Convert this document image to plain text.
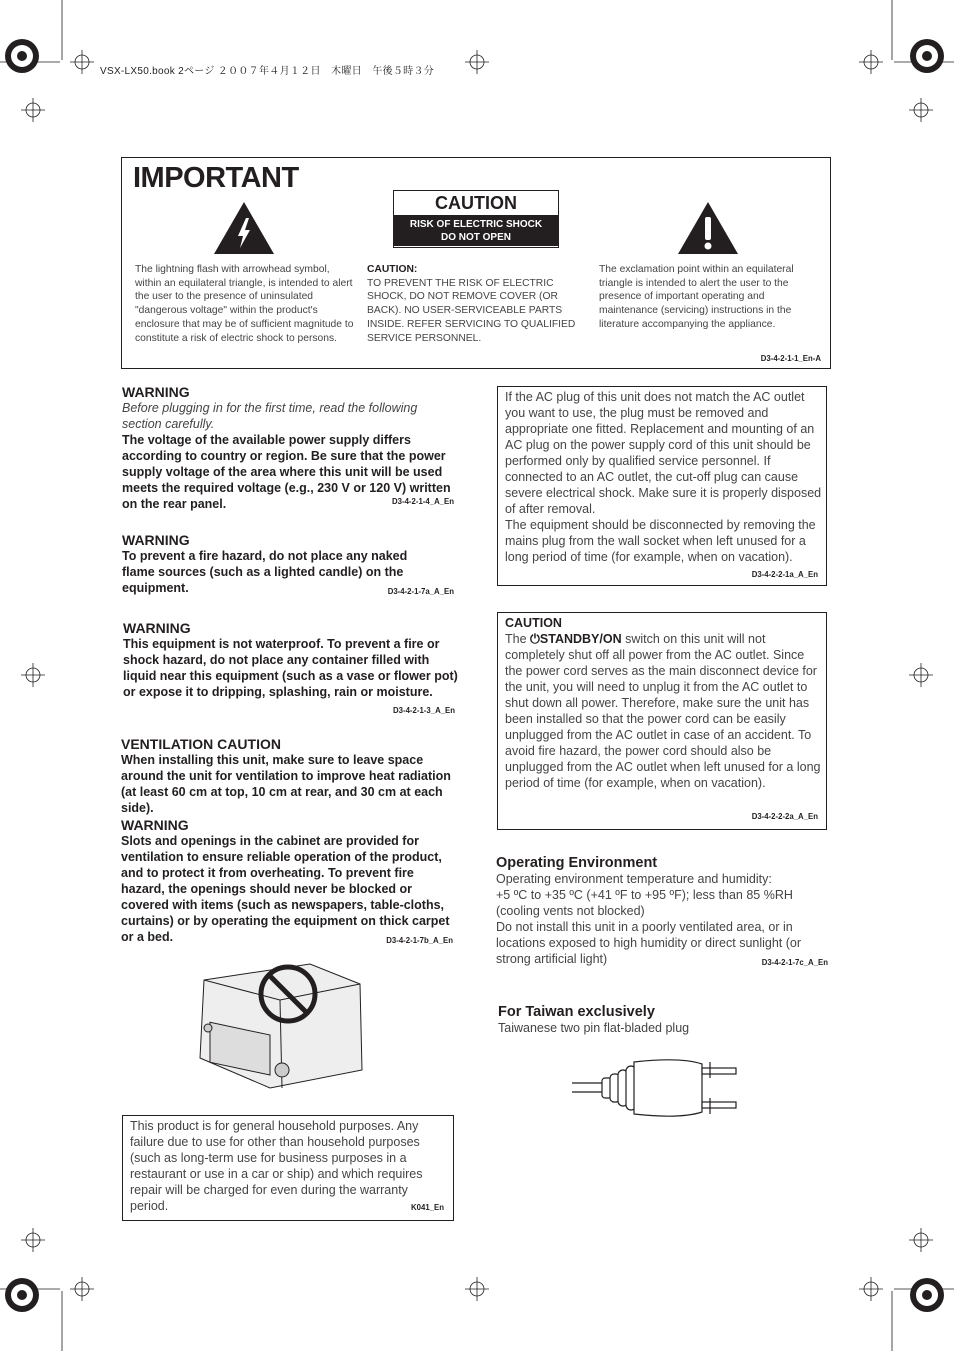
VSX-LX50.book 2ページ ２００７年４月１２日　木曜日　午後５時３分
IMPORTANT
CAUTION
RISK OF ELECTRIC SHOCK
DO NOT OPEN
The lightning flash with arrowhead symbol, within an equilateral triangle, is intended to alert the user to the presence of uninsulated "dangerous voltage" within the product's enclosure that may be of sufficient magnitude to constitute a risk of electric shock to persons.
CAUTION:
TO PREVENT THE RISK OF ELECTRIC SHOCK, DO NOT REMOVE COVER (OR BACK). NO USER-SERVICEABLE PARTS INSIDE. REFER SERVICING TO QUALIFIED SERVICE PERSONNEL.
The exclamation point within an equilateral triangle is intended to alert the user to the presence of important operating and maintenance (servicing) instructions in the literature accompanying the appliance.
D3-4-2-1-1_En-A
WARNING
Before plugging in for the first time, read the following section carefully.
The voltage of the available power supply differs according to country or region. Be sure that the power supply voltage of the area where this unit will be used meets the required voltage (e.g., 230 V or 120 V) written on the rear panel.	D3-4-2-1-4_A_En
WARNING
To prevent a fire hazard, do not place any naked flame sources (such as a lighted candle) on the equipment.	D3-4-2-1-7a_A_En
WARNING
This equipment is not waterproof. To prevent a fire or shock hazard, do not place any container filled with liquid near this equipment (such as a vase or flower pot) or expose it to dripping, splashing, rain or moisture.
D3-4-2-1-3_A_En
VENTILATION CAUTION
When installing this unit, make sure to leave space around the unit for ventilation to improve heat radiation (at least 60 cm at top, 10 cm at rear, and 30 cm at each side).
WARNING
Slots and openings in the cabinet are provided for ventilation to ensure reliable operation of the product, and to protect it from overheating. To prevent fire hazard, the openings should never be blocked or covered with items (such as newspapers, table-cloths, curtains) or by operating the equipment on thick carpet or a bed.	D3-4-2-1-7b_A_En
This product is for general household purposes. Any failure due to use for other than household purposes (such as long-term use for business purposes in a restaurant or use in a car or ship) and which requires repair will be charged for even during the warranty period.	K041_En
If the AC plug of this unit does not match the AC outlet you want to use, the plug must be removed and appropriate one fitted. Replacement and mounting of an AC plug on the power supply cord of this unit should be performed only by qualified service personnel. If connected to an AC outlet, the cut-off plug can cause severe electrical shock. Make sure it is properly disposed of after removal.
The equipment should be disconnected by removing the mains plug from the wall socket when left unused for a long period of time (for example, when on vacation).
D3-4-2-2-1a_A_En
CAUTION
The ⏻STANDBY/ON switch on this unit will not completely shut off all power from the AC outlet. Since the power cord serves as the main disconnect device for the unit, you will need to unplug it from the AC outlet to shut down all power. Therefore, make sure the unit has been installed so that the power cord can be easily unplugged from the AC outlet in case of an accident. To avoid fire hazard, the power cord should also be unplugged from the AC outlet when left unused for a long period of time (for example, when on vacation).
D3-4-2-2-2a_A_En
Operating Environment
Operating environment temperature and humidity:
+5 ºC to +35 ºC (+41 ºF to +95 ºF); less than 85 %RH (cooling vents not blocked)
Do not install this unit in a poorly ventilated area, or in locations exposed to high humidity or direct sunlight (or strong artificial light)	D3-4-2-1-7c_A_En
For Taiwan exclusively
Taiwanese two pin flat-bladed plug
